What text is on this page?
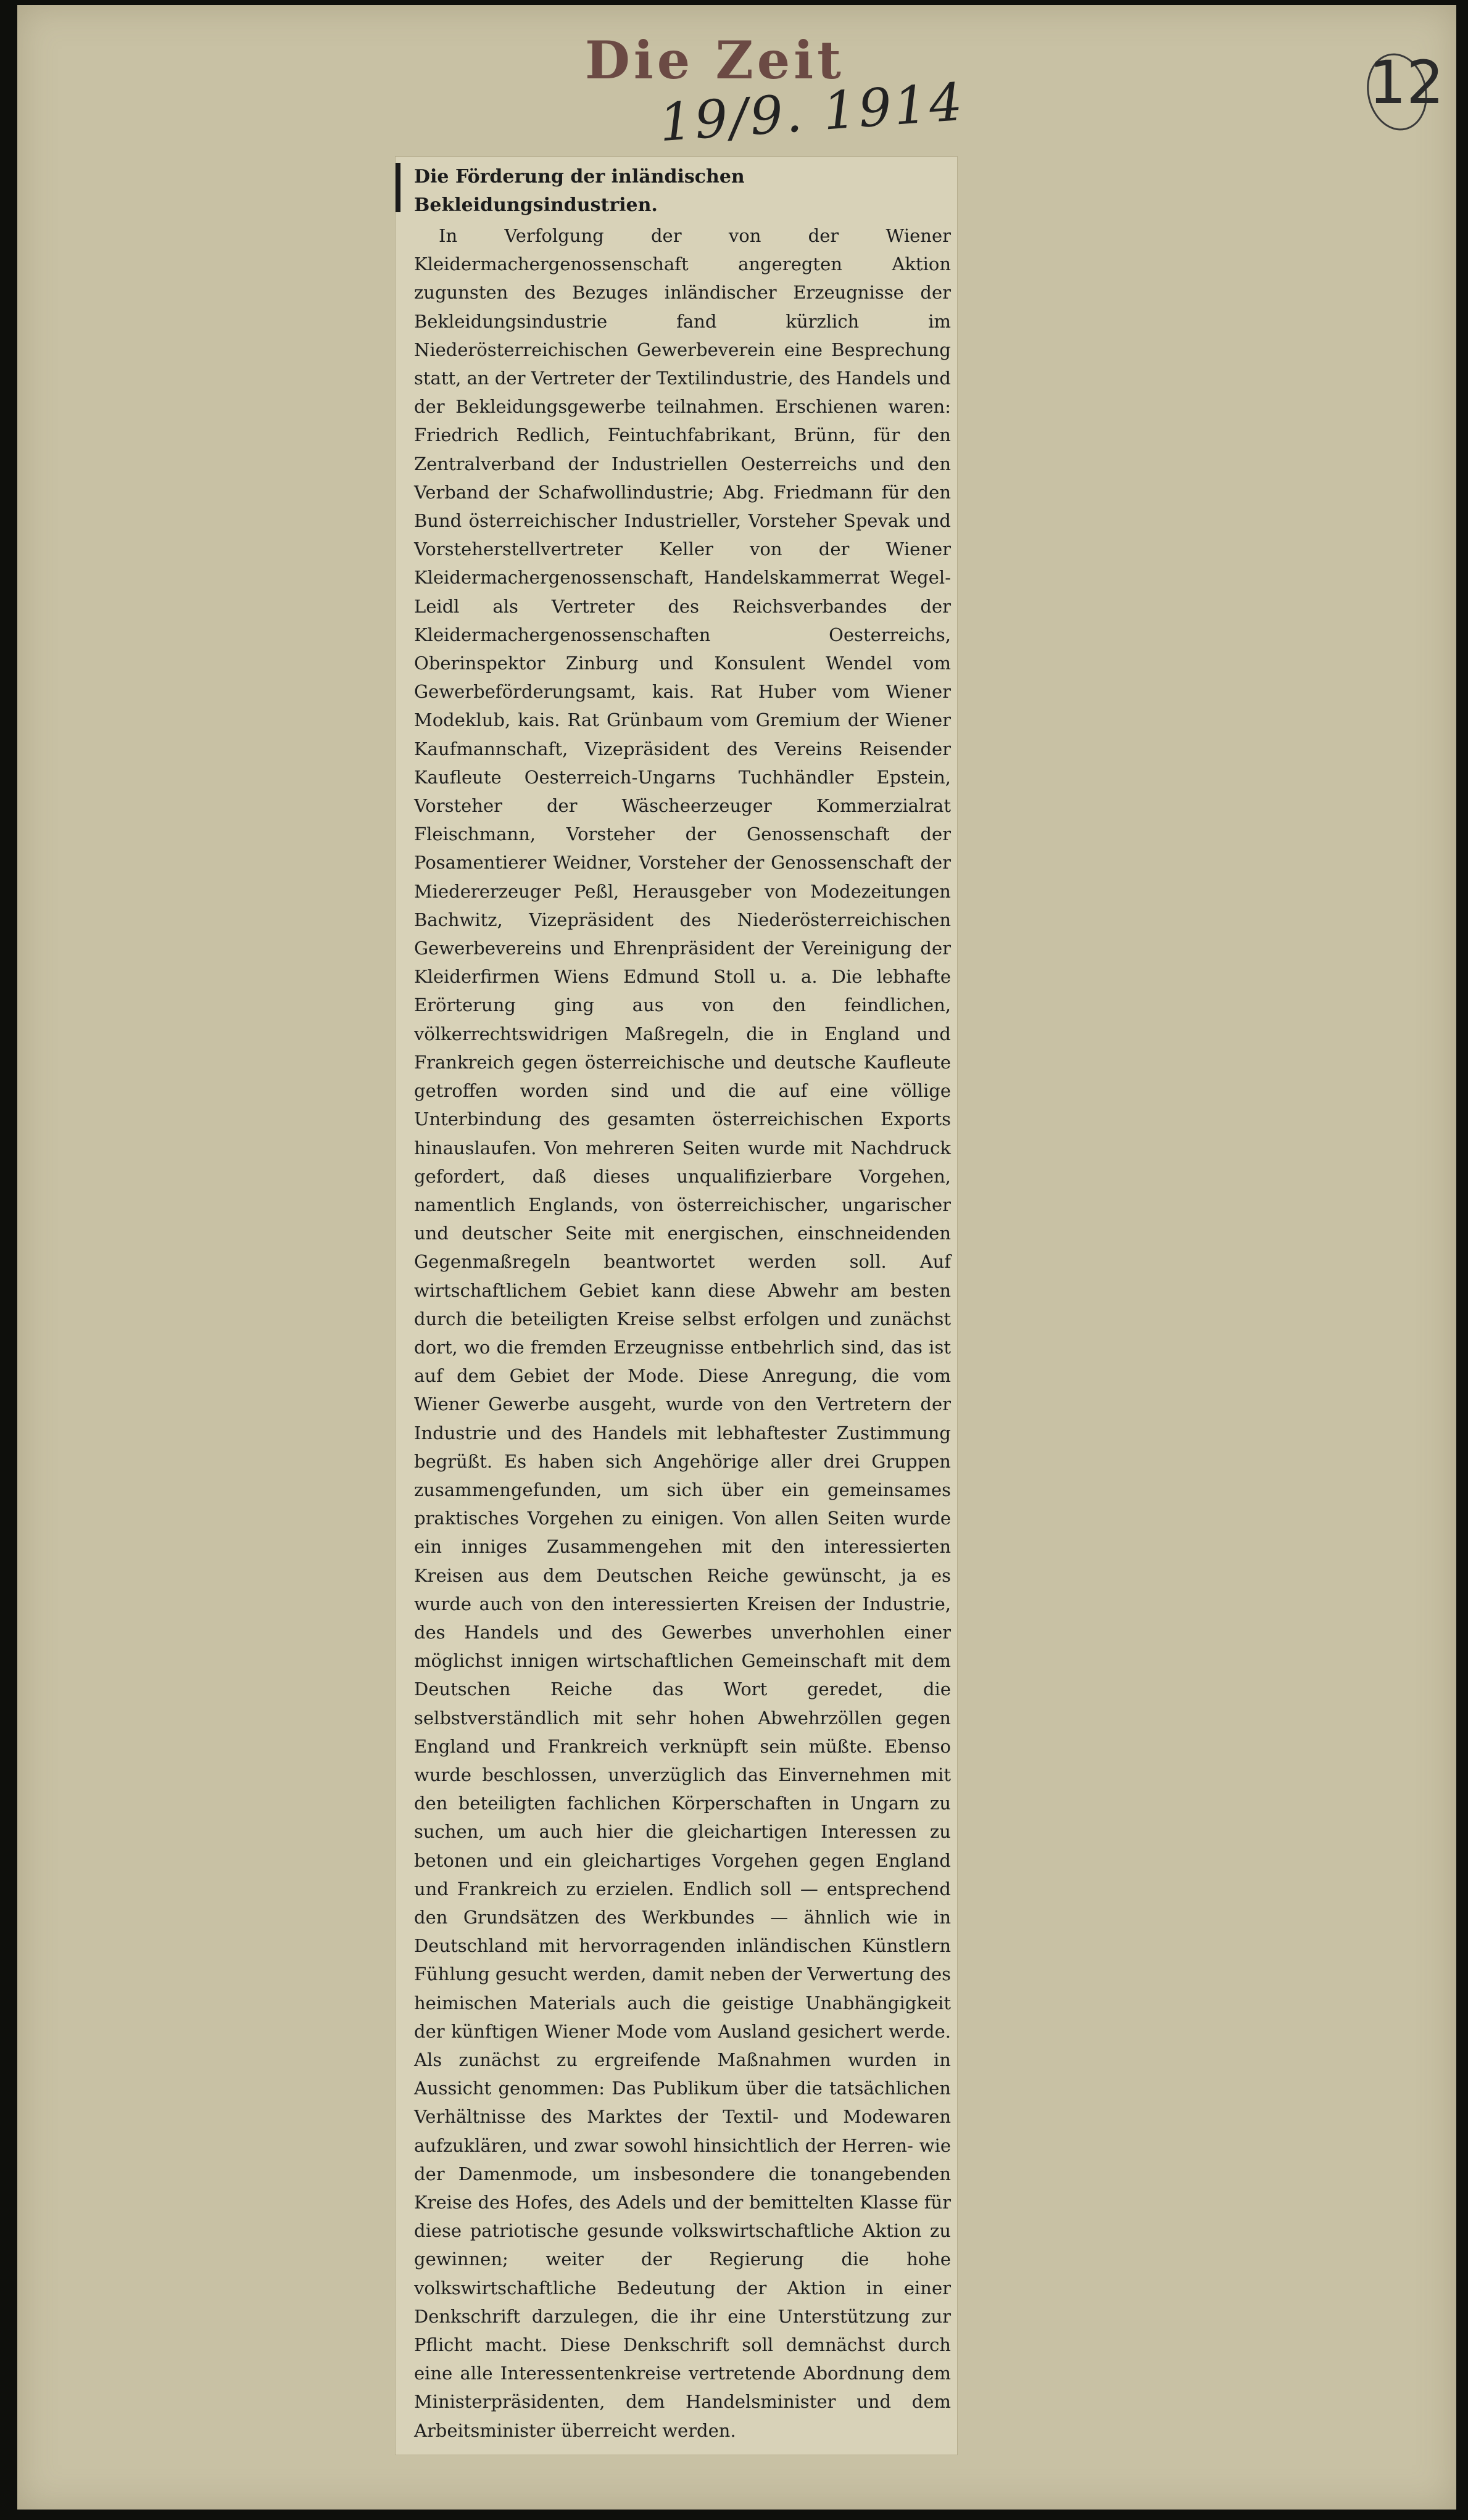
Die Zeit
19/9. 1914	12
Die Förderung der inländischen Bekleidungsindustrien.
In Verfolgung der von der Wiener Kleidermachergenossenschaft angeregten Aktion zugunsten des Bezuges inländischer Erzeugnisse der Bekleidungsindustrie fand kürzlich im Niederösterreichischen Gewerbeverein eine Besprechung statt, an der Vertreter der Textilindustrie, des Handels und der Bekleidungsgewerbe teilnahmen. Erschienen waren: Friedrich Redlich, Feintuchfabrikant, Brünn, für den Zentralverband der Industriellen Oesterreichs und den Verband der Schafwollindustrie; Abg. Friedmann für den Bund österreichischer Industrieller, Vorsteher Spevak und Vorsteherstellvertreter Keller von der Wiener Kleidermachergenossenschaft, Handelskammerrat Wegel-Leidl als Vertreter des Reichsverbandes der Kleidermachergenossenschaften Oesterreichs, Oberinspektor Zinburg und Konsulent Wendel vom Gewerbeförderungsamt, kais. Rat Huber vom Wiener Modeklub, kais. Rat Grünbaum vom Gremium der Wiener Kaufmannschaft, Vizepräsident des Vereins Reisender Kaufleute Oesterreich-Ungarns Tuchhändler Epstein, Vorsteher der Wäscheerzeuger Kommerzialrat Fleischmann, Vorsteher der Genossenschaft der Posamentierer Weidner, Vorsteher der Genossenschaft der Miedererzeuger Peßl, Herausgeber von Modezeitungen Bachwitz, Vizepräsident des Niederösterreichischen Gewerbevereins und Ehrenpräsident der Vereinigung der Kleiderfirmen Wiens Edmund Stoll u. a. Die lebhafte Erörterung ging aus von den feindlichen, völkerrechtswidrigen Maßregeln, die in England und Frankreich gegen österreichische und deutsche Kaufleute getroffen worden sind und die auf eine völlige Unterbindung des gesamten österreichischen Exports hinauslaufen. Von mehreren Seiten wurde mit Nachdruck gefordert, daß dieses unqualifizierbare Vorgehen, namentlich Englands, von österreichischer, ungarischer und deutscher Seite mit energischen, einschneidenden Gegenmaßregeln beantwortet werden soll. Auf wirtschaftlichem Gebiet kann diese Abwehr am besten durch die beteiligten Kreise selbst erfolgen und zunächst dort, wo die fremden Erzeugnisse entbehrlich sind, das ist auf dem Gebiet der Mode. Diese Anregung, die vom Wiener Gewerbe ausgeht, wurde von den Vertretern der Industrie und des Handels mit lebhaftester Zustimmung begrüßt. Es haben sich Angehörige aller drei Gruppen zusammengefunden, um sich über ein gemeinsames praktisches Vorgehen zu einigen. Von allen Seiten wurde ein inniges Zusammengehen mit den interessierten Kreisen aus dem Deutschen Reiche gewünscht, ja es wurde auch von den interessierten Kreisen der Industrie, des Handels und des Gewerbes unverhohlen einer möglichst innigen wirtschaftlichen Gemeinschaft mit dem Deutschen Reiche das Wort geredet, die selbstverständlich mit sehr hohen Abwehrzöllen gegen England und Frankreich verknüpft sein müßte. Ebenso wurde beschlossen, unverzüglich das Einvernehmen mit den beteiligten fachlichen Körperschaften in Ungarn zu suchen, um auch hier die gleichartigen Interessen zu betonen und ein gleichartiges Vorgehen gegen England und Frankreich zu erzielen. Endlich soll — entsprechend den Grundsätzen des Werkbundes — ähnlich wie in Deutschland mit hervorragenden inländischen Künstlern Fühlung gesucht werden, damit neben der Verwertung des heimischen Materials auch die geistige Unabhängigkeit der künftigen Wiener Mode vom Ausland gesichert werde. Als zunächst zu ergreifende Maßnahmen wurden in Aussicht genommen: Das Publikum über die tatsächlichen Verhältnisse des Marktes der Textil- und Modewaren aufzuklären, und zwar sowohl hinsichtlich der Herren- wie der Damenmode, um insbesondere die tonangebenden Kreise des Hofes, des Adels und der bemittelten Klasse für diese patriotische gesunde volkswirtschaftliche Aktion zu gewinnen; weiter der Regierung die hohe volkswirtschaftliche Bedeutung der Aktion in einer Denkschrift darzulegen, die ihr eine Unterstützung zur Pflicht macht. Diese Denkschrift soll demnächst durch eine alle Interessentenkreise vertretende Abordnung dem Ministerpräsidenten, dem Handelsminister und dem Arbeitsminister überreicht werden.
